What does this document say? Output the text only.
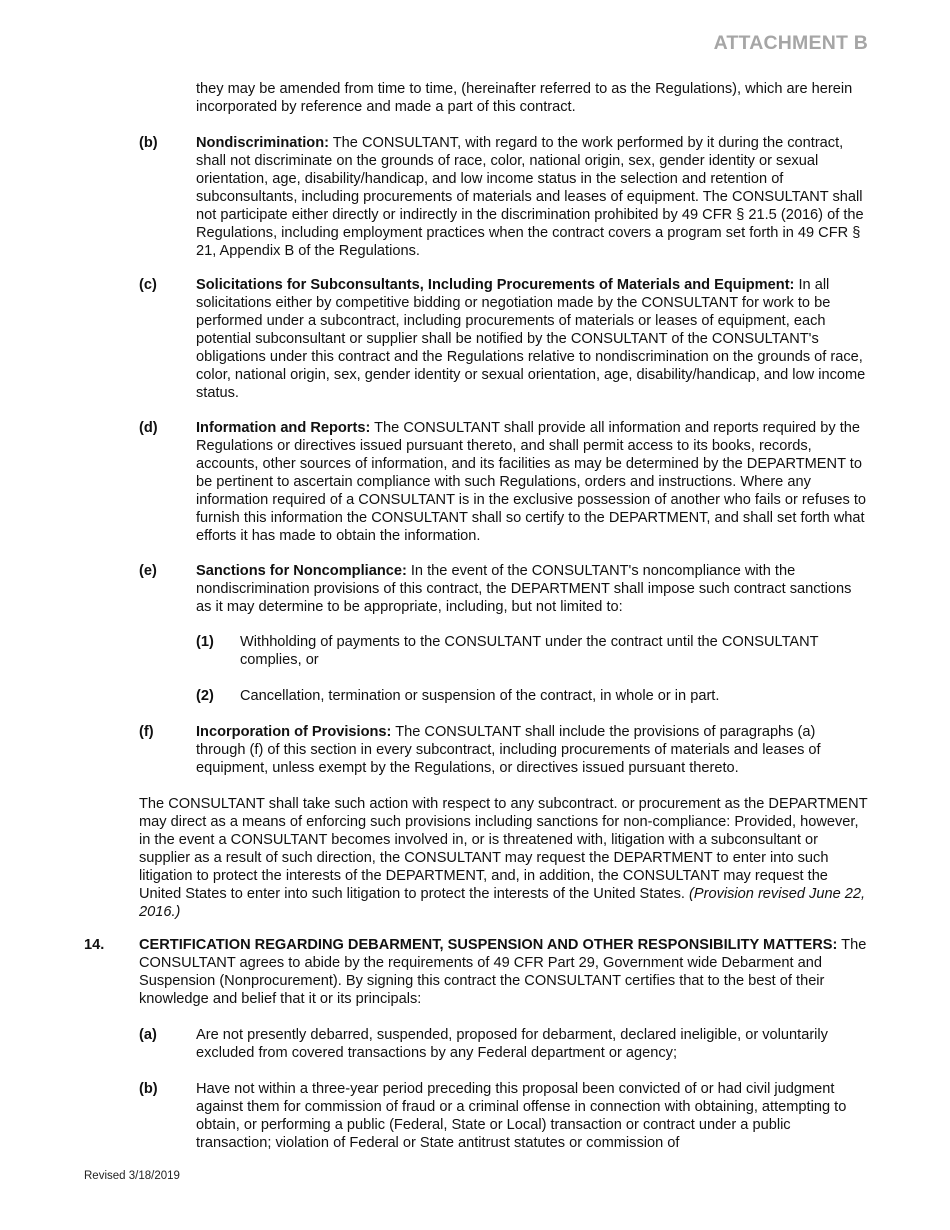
ATTACHMENT B

they may be amended from time to time, (hereinafter referred to as the Regulations), which are herein incorporated by reference and made a part of this contract.

(b)	Nondiscrimination: The CONSULTANT, with regard to the work performed by it during the contract, shall not discriminate on the grounds of race, color, national origin, sex, gender identity or sexual orientation, age, disability/handicap, and low income status in the selection and retention of subconsultants, including procurements of materials and leases of equipment. The CONSULTANT shall not participate either directly or indirectly in the discrimination prohibited by 49 CFR § 21.5 (2016) of the Regulations, including employment practices when the contract covers a program set forth in 49 CFR § 21, Appendix B of the Regulations.

(c)	Solicitations for Subconsultants, Including Procurements of Materials and Equipment: In all solicitations either by competitive bidding or negotiation made by the CONSULTANT for work to be performed under a subcontract, including procurements of materials or leases of equipment, each potential subconsultant or supplier shall be notified by the CONSULTANT of the CONSULTANT's obligations under this contract and the Regulations relative to nondiscrimination on the grounds of race, color, national origin, sex, gender identity or sexual orientation, age, disability/handicap, and low income status.

(d)	Information and Reports: The CONSULTANT shall provide all information and reports required by the Regulations or directives issued pursuant thereto, and shall permit access to its books, records, accounts, other sources of information, and its facilities as may be determined by the DEPARTMENT to be pertinent to ascertain compliance with such Regulations, orders and instructions. Where any information required of a CONSULTANT is in the exclusive possession of another who fails or refuses to furnish this information the CONSULTANT shall so certify to the DEPARTMENT, and shall set forth what efforts it has made to obtain the information.

(e)	Sanctions for Noncompliance: In the event of the CONSULTANT's noncompliance with the nondiscrimination provisions of this contract, the DEPARTMENT shall impose such contract sanctions as it may determine to be appropriate, including, but not limited to:

(1) Withholding of payments to the CONSULTANT under the contract until the CONSULTANT complies, or

(2) Cancellation, termination or suspension of the contract, in whole or in part.

(f)	Incorporation of Provisions: The CONSULTANT shall include the provisions of paragraphs (a) through (f) of this section in every subcontract, including procurements of materials and leases of equipment, unless exempt by the Regulations, or directives issued pursuant thereto.

The CONSULTANT shall take such action with respect to any subcontract. or procurement as the DEPARTMENT may direct as a means of enforcing such provisions including sanctions for non-compliance: Provided, however, in the event a CONSULTANT becomes involved in, or is threatened with, litigation with a subconsultant or supplier as a result of such direction, the CONSULTANT may request the DEPARTMENT to enter into such litigation to protect the interests of the DEPARTMENT, and, in addition, the CONSULTANT may request the United States to enter into such litigation to protect the interests of the United States. (Provision revised June 22, 2016.)

14. CERTIFICATION REGARDING DEBARMENT, SUSPENSION AND OTHER RESPONSIBILITY MATTERS: The CONSULTANT agrees to abide by the requirements of 49 CFR Part 29, Government wide Debarment and Suspension (Nonprocurement). By signing this contract the CONSULTANT certifies that to the best of their knowledge and belief that it or its principals:

(a)	Are not presently debarred, suspended, proposed for debarment, declared ineligible, or voluntarily excluded from covered transactions by any Federal department or agency;

(b)	Have not within a three-year period preceding this proposal been convicted of or had civil judgment against them for commission of fraud or a criminal offense in connection with obtaining, attempting to obtain, or performing a public (Federal, State or Local) transaction or contract under a public transaction; violation of Federal or State antitrust statutes or commission of

Revised 3/18/2019
